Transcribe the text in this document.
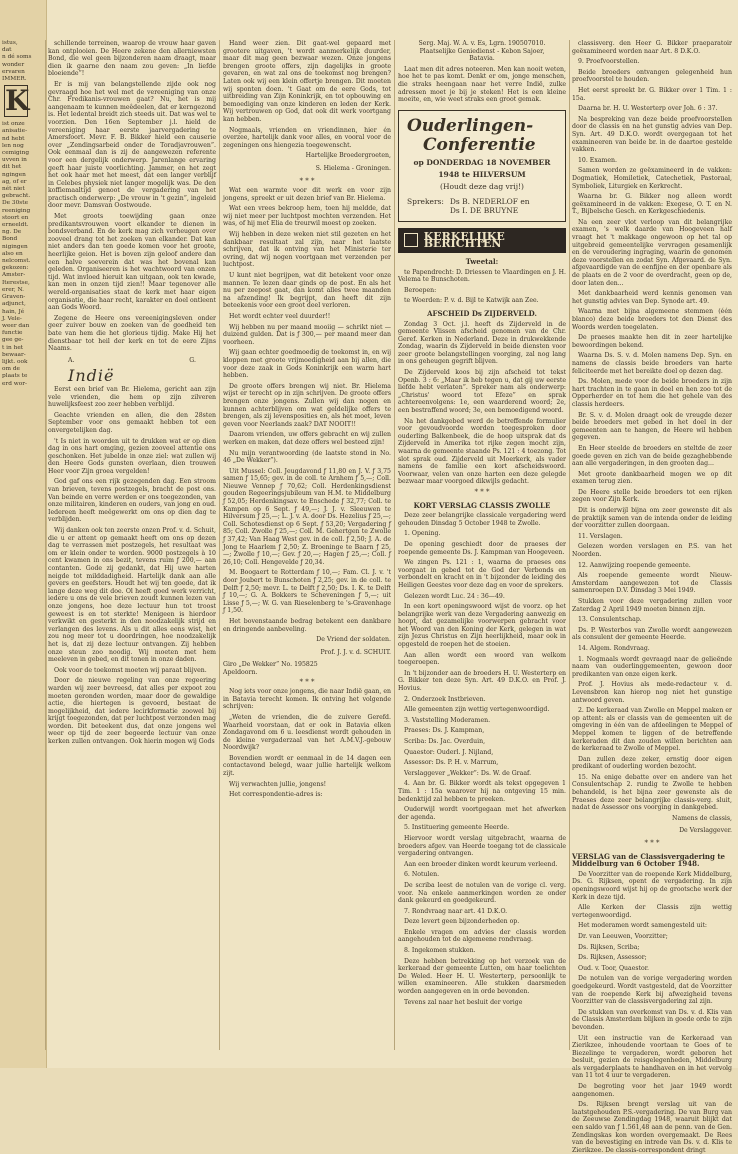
istus,
dat
n dé soms
wonder
ervaren
IMMER.
K
ist onze
anisatie-
nd hebt
len nog
cemiging
uvven in
dit het
ngingen
ag, of er
nét niet
gebracht.
De 30ste
reeniging
stoort en
erneeldt.
ng. De
Bond
nigingen
also en
nelcomst.
gekozen:
Amster-
Iterestse,
erer, N.
Graven-
adjunct,
hain, Jé
J. Vele-
weer dan
functie
gee ge-
t in het
bewaar-
lijkt. ook
om de
plaats te
erd wor-

schillende terreinen, waarop de vrouw haar gaven kan ontplooien. De Heere zekene den allerniewsten Bond, die wel geen bijzonderen naam draagt, maar dien ik gaarne den naam zou geven: „In liefde bloeiende”!

Er is mij van belangstellende zijde ook nog gevraagd hoe het wel met de vereeniging van onze Chr. Fredikanis-vrouwen gaat? Nu, het is mij aangenaam te kunnen meêdeelen, dat er kerngezond is. Het ledental breidt zich steeds uit. Dat was wel te voorzien. Den 16en September j.l. hield de vereeniging haar eerste jaarvergadering te Amersfoort. Mevr. F. B. Bikker hield een causerie over „Zendingsarbeid onder de Toradjavrouwen”. Ook eenmaal dan is zij de aangewezen referente voor een dergelijk onderwerp. Jarenlange ervaring geeft haar juiste voorlichting. Jammer, en het zegt het ook haar met het meest, dat een langer verblijf in Celebes physiek niet langer mogelijk was. De den koffiemaaltijd genoot de vergadering van het practisch onderwerp: „De vrouw in 't gezin”, ingeleid door mevr. Damsvan Oostwoude.

Met groots toewijding gaan onze predikantsvrouwen voort elkander te dienen in bondsverband. En de kerk mag zich verheugen over zooveel drang tot het zoeken van elkander. Dat kan niet anders dan ten goede komen voor het groote, heerlijke geion. Het is boven zijn geloof andere dan een halve soeverein dat was het bovenal kan geleden. Organiseeren is het wachtwoord van onzen tijd. Wat invloed hieruit kan uitgaan, ook ten kwade, kan men in onzen tijd zien!! Maar tegenover alle wereld-organisaties staat de kerk met haar eigen organisatie, die haar recht, karakter en doel ontleent aan Gods Woord.

Zegene de Heere ons vereenigingsleven onder geer zuiver bouw en zoeken van de goedheid ten bate van hem die het glorieus tijdig. Make Hij het dienstbaar tot heil der kerk en tot de eere Zijns Naams.

A.	G.
Indië

Eerst een brief van Br. Hielema, gericht aan zijn vele vrienden, die hem op zijn zilveren huwelijksfeest zoo zeer hebben verblijd.

Geachte vrienden en allen, die den 28sten September voor ons gemaakt hebben tot een onvergetelijken dag.

't Is niet in woorden uit te drukken wat er op dien dag in ons hart omging, gezien zooveel attentie ons geschonken. Het jubelde in onze ziel: wat zullen wij den Heere Gods gunsten overlaan, dien trouwen Heer voor Zijn groea vergelden!

God gaf ons een rijk gezegenden dag. Een stroom van brieven, tevens postzegels, bracht de post ons. Van beinde en verre werden er ons toegezonden, van onze militairen, kinderen en ouders, van jong en oud. Iedereen heeft meêgewerkt om ons op dien dag te verblijden.

Wij danken ook ten zeerste onzen Prof. v. d. Schuit, die u er attent op gemaakt heeft om ons op dezen dag te verrassen met postzegels, het resultaat was om er klein onder te worden. 9000 postzegels à 10 cent kwamen in ons bezit, tevens ruim ƒ 200,— aan contanten. Gode zij gedankt, dat Hij uwe harten neigde tot milddadigheid. Hartelijk dank aan alle gevers en geefsters. Houdt het wij ten goede, dat ik lange deze weg dit doe. Ol heeft goed werk verricht, iedere u ons de vele brieven zoudt kunnen lezen van onze jongens, hoe deze lectuur hun tot troost geweest is en tot sterkte! Menigeen is hierdoor verkwikt en gesterkt in den noodzakelijk strijd en verlangen des levens. Als u dit alles eens wist, het zou nog meer tot u doordringen, hoe noodzakelijk het is, dat zij deze lectuur ontvangen. Zij hebben onze steun zoo noodig. Wij moeten met hem meeleven in gebed, en dit tonen in onze daden.

Ook voor de toekomst moeten wij paraat blijven.

Door de nieuwe regeling van onze regeering warden wij zeer bevreesd, dat alles per expoot zou moeten geronden worden, maar door de gewaldige actie, die hiertegen is gevoerd, bestaat de mogelijkheid, dat iedere lecirkformatie zoowel bij krijgt toegezonden, dat per luchtpost verzonden mag worden. Dit beteekent dus, dat onze jongens wel weer op tijd de zeer begeerde lectuur van onze kerken zullen ontvangen. Ook hierin mogen wij Gods

Hand weer zien. Dit gaat-wel gepaard met grootere uitgaven, 't wordt aanmerkelijk duurder, maar dit mag geen bezwaar wezen. Onze jongens brengen groote offers, zijn dagelijks in groote gevaren, en wat zal ons de toekomst nog brengen? Laten ook wij een klein offertje brengen. Dit moeten wij sponten doen. 't Gaat om de eere Gods, tot uitbreiding van Zijn Koninkrijk, en tot opbouwing en bemoediging van onze kinderen en leden der Kerk. Wij vertrouwen op God, dat ook dit werk voortgang kan hebben.

Nogmaals, vrienden en vriendinnen, hier én overzee, hartelijk dank voor alles, en vooral voor de zegeningen ons hiengezia toegewenscht.

Hartelijke Broedergroeten,
S. Hielema - Groningen.
* * *

Wat een warmte voor dit werk en voor zijn jongens, spreekt er uit dezen brief van Br. Hielema.

Wat een vrees bekroop hem, toen hij meldde, dat wij niet meer per luchtpost mochten verzenden. Het was, of hij met Elia de treurwil moest op zoeken.

Wij hebben in deze weken niet stil gezeten en het dankbaar resultaat zal zijn, naar het laatste schrijven, dat ik ontving van het Ministerie ter ovring, dat wij nogen voortgaan met verzenden per luchtpost.

U kunt niet begrijpen, wat dit betekent voor onze mannen. Te lezen daar ginds op de post. En als het nu per zeepost gaat, dan komt alles twee maanden na afzending! Ik begrijpt, dan heeft dit zijn beteekenis voor een groot deel verloren.

Het wordt echter veel duurder!!

Wij hebben nu per maand mooiig — schrikt niet — duizend gulden. Dat is ƒ 300,— per maand meer dan voorheen.

Wij gaan echter goedmoedig de toekomst in, en wij kloppen met groote vrijmoedigheid aan bij allen, die voor deze zaak in Gods Koninkrijk een warm hart hebben.

De groote offers brengen wij niet. Br. Hielema wijst er terecht op in zijn schrijven. De groote offers brengen onze jongens. Zullen wij dan nogen en kunnen achterblijven om wat geldelijke offers te brengen, als zij levensposities en, als het moet, leven geven voor Neerlands zaak? DAT NOOIT!!

Daarom vrienden, uw offers gebracht en wij zullen werken en maken, dat deze offers wel besteed zijn!

Nu mijn verantwoording (de laatste stond in No. 46 „De Wekker”).

Uit Mussel: Coll. Jeugdavond ƒ 11,80 en J. V. ƒ 3,75 samen ƒ 15,65; gev. in de coll. te Arnhem ƒ 5,—; Coll. Nieuwe Vennep ƒ 70,62; Coll. Herdenkingsdienst gouden Regeeringsjubileum van H.M. te Middelburg ƒ 52,05; Herdenkingsav. te Enschede ƒ 32,77; Coll. te Kampen op 6 Sept. ƒ 49,—; J. J. v. Sleeuwen te Hilversum ƒ 25,—; L. J. v. A. door Ds. Hezelius ƒ 25,—; Coll. Schotesdienst op 6 Sept. ƒ 53,20; Vergadering ƒ 85; Coll. Zwolle ƒ 25,—; Coll. M. Gehertgen te Zwolle ƒ 37,42; Van Haag West gev. in de coll. ƒ 2,50; J. A. de Jong te Haarlem ƒ 2,50; Z. Broeninge te Baarn ƒ 25,—; Zwolle ƒ 10,—; Gev. ƒ 20,—; Hagen ƒ 25,—; Coll. ƒ 26,10; Coll. Hengevelde ƒ 20,34.

M. Boogaert te Rotterdam ƒ 10,—; Fam. Cl. J. v. 't door Joubert te Bunschoten ƒ 2,25; gev. in de coll. te Delft ƒ 2,50; mevr. L. te Delft ƒ 2,50; Ds. I. K. te Delft ƒ 10,—; G. A. Bokkers te Scheveningen ƒ 5,—; uit Lisse ƒ 5,—; W. G. van Rieselenberg te 's-Gravenhage ƒ 1,50.

Het bovenstaande bedrag betekent een dankbare en dringende aanbeveling.

De Vriend der soldaten.
Prof. J. J. v. d. SCHUIT.
Giro „De Wekker” No. 195825
Apeldoorn.
* * *

Nog iets voor onze jongens, die naar Indië gaan, en in Batavia terecht komen. Ik ontving het volgende schrijven:

„Weten de vrienden, die de zuivere Gerefd. Waarheid voorstaan, dat er ook in Batavia elken Zondagavond om 6 u. leesdienst wordt gehouden in de kleine vergaderzaal van het A.M.V.J.-gebouw Noordwijk?

Bovendien wordt er eenmaal in de 14 dagen een contactavond belegd, waar jullie hartelijk welkom zijt.

Wij verwachten jullie, jongens!

Het correspondentie-adres is:

Serg. Maj. W. A. v. Es, Lgrn. 190507010.
Plaatselijke Geniedienst - Kebon Sajoer,
Batavia.

Laat men dit adres noteeren. Men kan nooit weten, hoe het te pas komt. Denkt er om, jonge menschen, die straks heengaan naar het verre Indië, zulke adressen moet je bij je steken! Het is een kleine moeite, en, wie weet straks een groot gemak.

Ouderlingen-
Conferentie
op DONDERDAG 18 NOVEMBER
1948 te HILVERSUM
(Houdt deze dag vrij!)
Sprekers: Ds B. NEDERLOF en
Ds I. DE BRUYNE
KERKELIJKE BERICHTEN
Tweetal:

te Papendrecht: D. Driessen te Vlaardingen en J. H. Velema te Bunschoten.

Beroepen:

te Woerden: P. v. d. Bijl te Katwijk aan Zee.

AFSCHEID Ds ZIJDERVELD.

Zondag 3 Oct. j.l. heeft ds Zijderveld in de gemeente Vlissen afscheid genomen van de Chr. Geref. Kerken in Nederland. Deze in drukwekkende Zondag, waarin ds Zijderveld in beide diensten voor zeer groote belangstellingen voorging, zal nog lang in ons geheugen gegrift blijven.

De Zijderveld koos bij zijn afscheid tot tekst Openb. 3 : 6: „Maar ik heb tegen u, dat gij uw eerste liefde hebt verlaten”. Spreker nam als onderwerp: „Christus' woord tot Efeze” en sprak achtereenvolgens: 1e, een waarderend woord; 2e, een bestraffend woord; 3e, een bemoedigend woord.

Na het dankgebed werd de betreffende formulier voor gevoudvoorde worden toegesproken door ouderling Balkenbeek, die de hoop uitsprak dat ds Zijderveld in Amerika tot rijke zegen mocht zijn, waarna de gemeente staande Ps. 121 : 4 toezong. Tot slot sprak oud. Zijderveld uit Moerkerk, als vader namens de familie een kort afscheidswoord. Voorwaar, velen van onze harten een deze gelegde bezwaar maar voorgoed dikwijls gedacht.

* * *
KORT VERSLAG CLASSIS ZWOLLE

Deze zeer belangrijke classicale vergadering werd gehouden Dinsdag 5 October 1948 te Zwolle.

1. Opening.

De opening geschiedt door de praeses der roepende gemeente Ds. J. Kampman van Hoogeveen.

We zingen Ps. 121 : 1, waarna de praeses ons voorgaat in gebed tot de God der Verbonds en verbondelt en kracht en in 't bijzonder de leiding des Heiligen Geestes voor deze dag en voor de sprekers.

Gelezen wordt Luc. 24 : 36—49.

In een kort openingswoord wijst de voorz. op het belangrijke werk van deze Vergadering aanwezig en hoopt, dat gezamelijke voorwerpen gebracht voor het Woord van den Koning der Kerk, gelegen in wat zijn Jezus Christus en Zijn heerlijkheid, maar ook in opgesteld de roepen het de stoeien.

Aan allen wordt een woord van welkom toegeroepen.

In 't bijzonder aan de broeders H. U. Westerterp en G. Bikker ten deze Syn. Art. 49 D.K.O. en Prof. J. Hovius.

2. Onderzoek Instbrieven.

Alle gemeenten zijn wettig vertegenwoordigd.

3. Vaststelling Moderamen.

Praeses: Ds. J. Kampman,

Scriba: Ds. Jac. Overduin,

Quaestor: Ouderl. J. Nijland,

Assessor: Ds. P. H. v. Marrum,

Verslaggever „Wekker”: Ds. W. de Graaf.

4. Aan br. G. Bikker wordt als tekst opgegeven 1 Tim. 1 : 15a waarover hij na ontgeving 15 min. bedenktijd zal hebben te preeken.

Ouderwijl wordt voortgegaan met het afwerken der agenda.

5. Instituering gemeente Heerde.

Hiervoor wordt verslag uitgebracht, waarna de broeders afgev. van Heerde toegang tot de classicale vergadering ontvangen.

Aan een broeder dinken wordt keurum verleend.

6. Notulen.

De scriba leest de notulen van de vorige cl. verg. voor. Na enkele aanmerkingen worden ze onder dank gekeurd en goedgekeurd.

7. Rondvraag naar art. 41 D.K.O.

Deze levert geen bijzonderheden op.

Enkele vragen om advies der classis worden aangehouden tot de algemeene rondvraag.

8. Ingekomen stukken.

Deze hebben betrekking op het verzoek van de kerkeraad der gemeente Lutten, om haar toelichten De Weled. Heer H. U. Westerterp, persoonlijk te willen examineeren. Alle stukken daarsmeden worden aangegeven en in orde bevonden.

Tevens zal naar het besluit der vorige

classisverg. den Heer G. Bikker praeparatoir geëxamineerd worden naar Art. 8 D.K.O.

9. Proefvoorstellen.

Beide broeders ontvangen gelegenheid hun proefvoorstel te houden.

Het eerst spreekt br. G. Bikker over 1 Tim. 1 : 15a.

Daarna br. H. U. Westerterp over Joh. 6 : 37.

Na bespreking van deze beide proefvoorstellen door de classis en na het gunstig advies van Dep. Syn. Art. 49 D.K.O. wordt overgegaan tot het examineeren van beide br. in de daartoe gestelde vakken.

10. Examen.

Samen worden ze geëxamineerd in de vakken: Dogmatiek, Homiletiek, Catechetiek, Pastoraal, Symboliek, Liturgiek en Kerkrecht.

Waarna br. G. Bikker nog alleen wordt geëxamineerd in de vakken: Exegese, O. T. en N. T., Bijbelsche Gesch. en Kerkgeschiedenis.

Na een zeer vlot verloop van dit belangrijke examen, 's welk daarde van Hoogeveen half vraagt het 't makkage ongewoon op het tal op uitgebreid gemeentelijke vervragen gesamenlijk en de veroudering ingraging, waarin de genomen deze voorstellen en zodat Syn. Afgevaard. de Syn. afgevaardigde van de eenfijne en der openbare als de plaats en de 2 voor de overdracht, geen op de, door laten den...

Met dankbaarheid werd kennis genomen van het gunstig advies van Dep. Synode art. 49.

Waarna met bijna algemeene stemmen (één blanco) deze beide broeders tot den Dienst des Woords werden toegelaten.

De praeses maakte hen dit in zeer hartelijke bewoordingen bekend.

Waarna Ds. S. v. d. Molen namens Dep. Syn. en namens de classis beide broeders van harte feliciteerde met het bereikte doel op dezen dag.

Ds. Molen, mede voor de beide broeders in zijn hart trachten in te gaan in doel en hen zoo tot de Opperherder en tot hem die het gehele van des classis herdeers.

Br. S. v. d. Molen draagt ook de vreugde dezer beide broeders met gebed in het doel in der gemeenten aan te hangen, de Heere wil hebben gegeven.

En Heer steelde de broeders en steltde de zeer goede geven en zich van de beide gezaghebbende aan alle vergaderingen, in den grooten dag...

Met groote dankbaarheid mogen we op dit examen terug zien.

De Heere stelle beide broeders tot een rijken zegen voor Zijn Kerk.

Dit is onderwijl bijna om zeer gewenste dit als de praktijk samen van de intenda onder de leiding der voorzitter zullen doorgaan.

11. Verslagen.

Gelezen worden verslagen en P.S. van het Noorden.

12. Aanwijzing roepende gemeente.

Als roepende gemeente wordt Nieuw-Amsterdam aangewezen tot de Classis samenroepen D.V. Dinsdag 3 Mei 1949.

Stukken voor deze vergadering zullen voor Zaterdag 2 April 1949 moeten binnen zijn.

13. Consulentschap.

Ds. P. Westerbos van Zwolle wordt aangewezen als consulent der gemeente Heerde.

14. Algem. Rondvraag.

1. Nogmaals wordt gevraagd naar de gelieënde naam van ouderlinggemeenten, gewoon door predikanten van onze eigen kerk.

Prof. J. Hovius als mede-redacteur v. d. Levensbron kan hierop nog niet het gunstige antwoord geven.

2. De kerkeraad van Zwolle en Meppel maken er op attent: als er classis van de gemeenten uit de omgeving in één van de afdeelingen te Meppel of Meppel komen te liggen of de betreffende kerkeraden dit dan zouden willen berichten aan de kerkeraad te Zwolle of Meppel.

Dan zullen deze zeker, ernstig door eigen predikant of ouderling worden bezocht.

15. Na enige debatte over en andere van het Consulentschap 2. rundig te Zwolle te hebben behandeld, is het bijna zeer gewenste als de Praeses deze zeer belangrijke classis-verg. sluit, nadat de Assessor ons voorging in dankgebed.

Namens de classis,
De Verslaggever.
* * *
VERSLAG van de Classisvergadering te Middelburg van 6 October 1948.

De Voorzitter van de roepende Kerk Middelburg, Ds. G. Rijksen, opent de vergadering. In zijn openingswoord wijst hij op de grootsche werk der Kerk in deze tijd.

Alle Kerken der Classis zijn wettig vertegenwoordigd.

Het moderamen wordt samengesteld uit:

Dr. van Leeuwen, Voorzitter;

Ds. Rijksen, Scriba;

Ds. Rijksen, Assessor;

Oud. v. Toor, Quaestor.

De notulen van de vorige vergadering worden goedgekeurd. Wordt vastgesteld, dat de Voorzitter van de roepende Kerk bij afwezigheid tevens Voorzitter van de classisvergadering zal zijn.

De stukken van overkomst van Ds. v. d. Klis van de Classis Amsterdam blijken in goede orde te zijn bevonden.

Uit een instructie van de Kerkeraad van Zierikzee, inhoudende voortaan te Goes of te Biezelinge te vergaderen, wordt geboren het besluit, gezien de reisgelegenheden, Middelburg als vergaderplaats te handhaven en in het vervolg van 11 tot 4 uur te vergaderen.

De begroting voor het jaar 1949 wordt aangenomen.

Ds. Rijksen brengt verslag uit van de laatstgehouden P.S.-vergadering. De van Burg van de Zeeuwse Zendingdag 1948, waaruit blijkt dat een saldo van ƒ 1.561,48 aan de penn. van de Gen. Zendingskas kon worden overgemaakt. De Rees van de bevestiging en intrede van Ds. v. d. Klis te Zierikzee. De classis-correspondent dringt
